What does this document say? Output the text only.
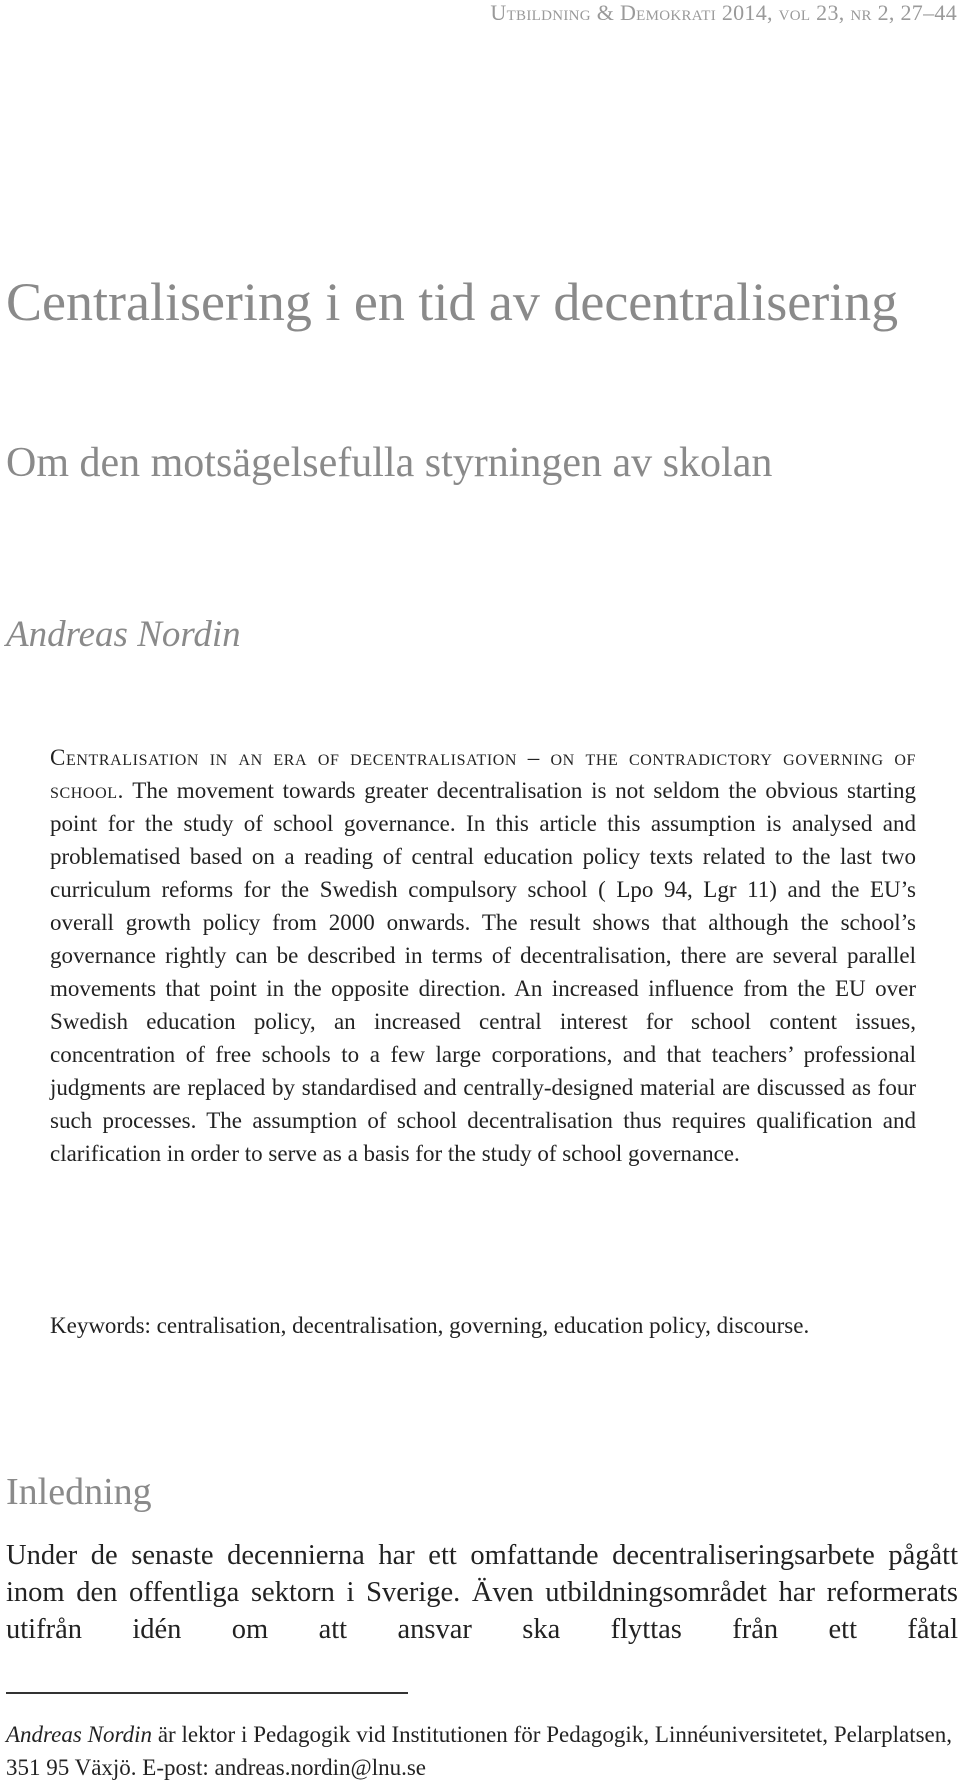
Utbildning & Demokrati 2014, vol 23, nr 2, 27–44
Centralisering i en tid av decentralisering
Om den motsägelsefulla styrningen av skolan
Andreas Nordin

Centralisation in an era of decentralisation – on the contradictory governing of school. The movement towards greater decentralisation is not seldom the obvious starting point for the study of school governance. In this article this assumption is analysed and problematised based on a reading of central education policy texts related to the last two curriculum reforms for the Swedish compulsory school ( Lpo 94, Lgr 11) and the EU’s overall growth policy from 2000 onwards. The result shows that although the school’s governance rightly can be described in terms of decentralisation, there are several parallel movements that point in the opposite direction. An increased influence from the EU over Swedish education policy, an increased central interest for school content issues, concentration of free schools to a few large corporations, and that teachers’ professional judgments are replaced by standardised and centrally-designed material are discussed as four such processes. The assumption of school decentralisation thus requires qualification and clarification in order to serve as a basis for the study of school governance.

Keywords: centralisation, decentralisation, governing, education policy, discourse.

Inledning

Under de senaste decennierna har ett omfattande decentraliseringsarbete pågått inom den offentliga sektorn i Sverige. Även utbildningsområdet har reformerats utifrån idén om att ansvar ska flyttas från ett fåtal

Andreas Nordin är lektor i Pedagogik vid Institutionen för Pedagogik, Linnéuniversitetet, Pelarplatsen, 351 95 Växjö. E-post: andreas.nordin@lnu.se
